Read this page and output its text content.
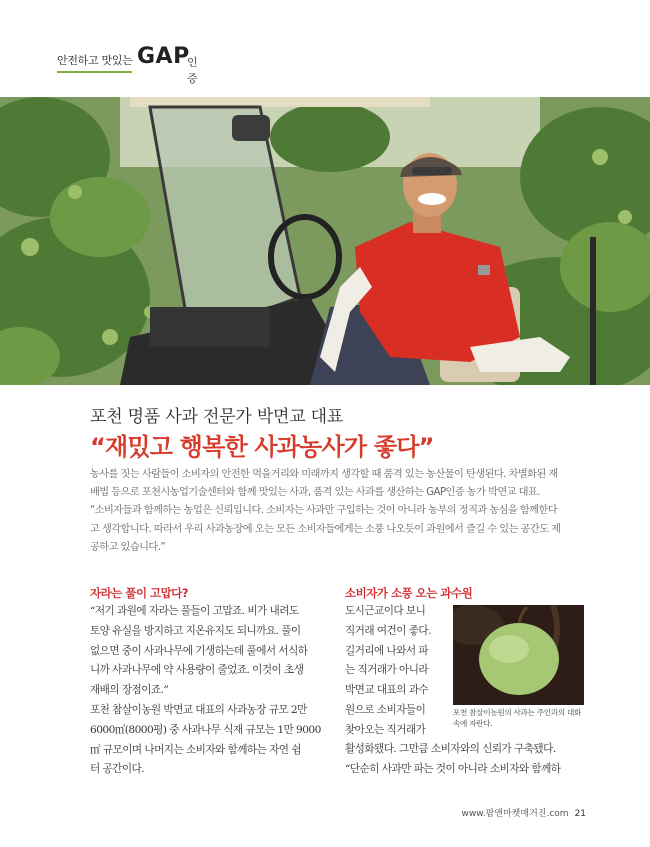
안전하고 맛있는 GAP
인증
포천 명품 사과 전문가 박면교 대표
“재밌고 행복한 사과농사가 좋다”

농사를 짓는 사람들이 소비자의 안전한 먹을거리와 미래까지 생각할 때 품격 있는 농산물이 탄생된다. 차별화된 재

배법 등으로 포천시농업기술센터와 함께 맛있는 사과, 품격 있는 사과를 생산하는 GAP인증 농가 박면교 대표.

“소비자들과 함께하는 농업은 신뢰입니다. 소비자는 사과만 구입하는 것이 아니라 농부의 정직과 농심을 함께한다

고 생각합니다. 따라서 우리 사과농장에 오는 모든 소비자들에게는 소풍 나오듯이 과원에서 즐길 수 있는 공간도 제

공하고 있습니다.”

자라는 풀이 고맙다?

“저기 과원에 자라는 풀들이 고맙죠. 비가 내려도

토양 유실을 방지하고 지온유지도 되니까요. 풀이

없으면 중이 사과나무에 기생하는데 풀에서 서식하

니까 사과나무에 약 사용량이 줄었죠. 이것이 초생

재배의 장점이죠.”

포천 참살이농원 박면교 대표의 사과농장 규모 2만

6000㎡(8000평) 중 사과나무 식재 규모는 1만 9000

㎡ 규모이며 나머지는 소비자와 함께하는 자연 쉼

터 공간이다.

소비자가 소풍 오는 과수원

도시근교이다 보니

직거래 여건이 좋다.

길거리에 나와서 파

는 직거래가 아니라

박면교 대표의 과수

원으로 소비자들이

찾아오는 직거래가

활성화됐다. 그만큼 소비자와의 신뢰가 구축됐다.

“단순히 사과만 파는 것이 아니라 소비자와 함께하

포천 참살이농원의 사과는 주인과의 대화속에 자란다.
www.팜앤마켓매거진.com 21
